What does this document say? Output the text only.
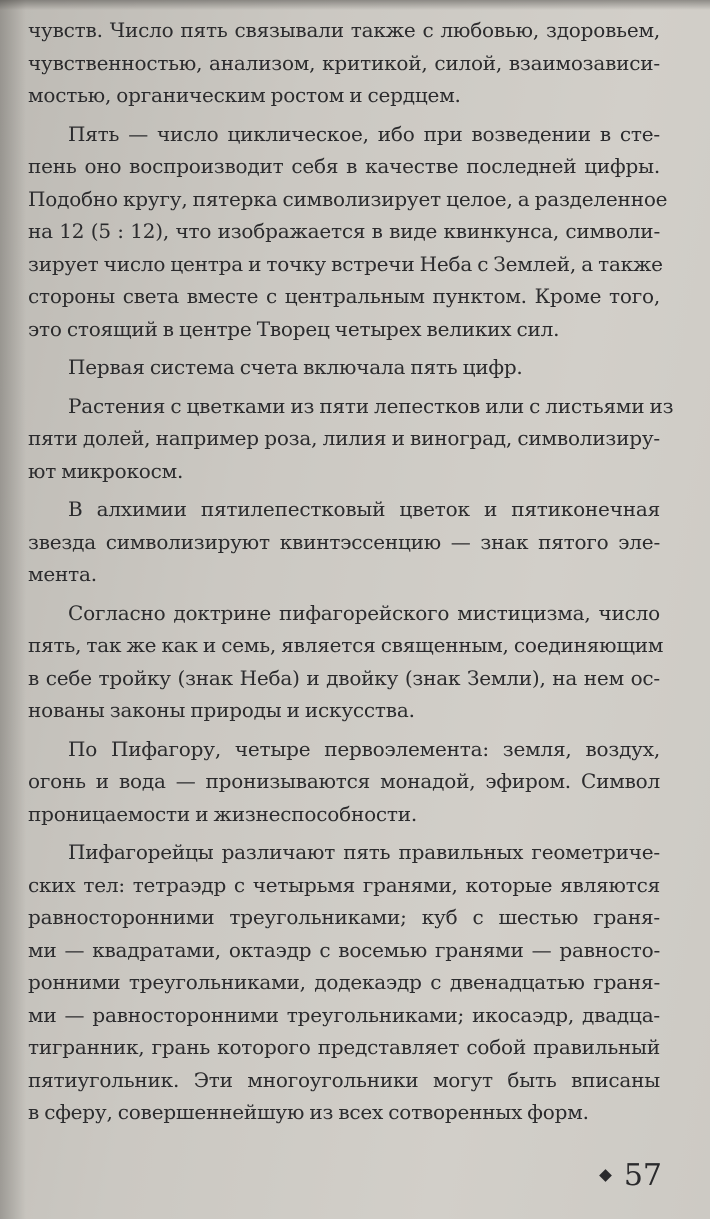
чувств. Число пять связывали также с любовью, здоровьем,
чувственностью, анализом, критикой, силой, взаимозависи-
мостью, органическим ростом и сердцем.
Пять — число циклическое, ибо при возведении в сте-
пень оно воспроизводит себя в качестве последней цифры.
Подобно кругу, пятерка символизирует целое, а разделенное
на 12 (5 : 12), что изображается в виде квинкунса, символи-
зирует число центра и точку встречи Неба с Землей, а также
стороны света вместе с центральным пунктом. Кроме того,
это стоящий в центре Творец четырех великих сил.
Первая система счета включала пять цифр.
Растения с цветками из пяти лепестков или с листьями из
пяти долей, например роза, лилия и виноград, символизиру-
ют микрокосм.
В алхимии пятилепестковый цветок и пятиконечная
звезда символизируют квинтэссенцию — знак пятого эле-
мента.
Согласно доктрине пифагорейского мистицизма, число
пять, так же как и семь, является священным, соединяющим
в себе тройку (знак Неба) и двойку (знак Земли), на нем ос-
нованы законы природы и искусства.
По Пифагору, четыре первоэлемента: земля, воздух,
огонь и вода — пронизываются монадой, эфиром. Символ
проницаемости и жизнеспособности.
Пифагорейцы различают пять правильных геометриче-
ских тел: тетраэдр с четырьмя гранями, которые являются
равносторонними треугольниками; куб с шестью граня-
ми — квадратами, октаэдр с восемью гранями — равносто-
ронними треугольниками, додекаэдр с двенадцатью граня-
ми — равносторонними треугольниками; икосаэдр, двадца-
тигранник, грань которого представляет собой правильный
пятиугольник. Эти многоугольники могут быть вписаны
в сферу, совершеннейшую из всех сотворенных форм.
57
